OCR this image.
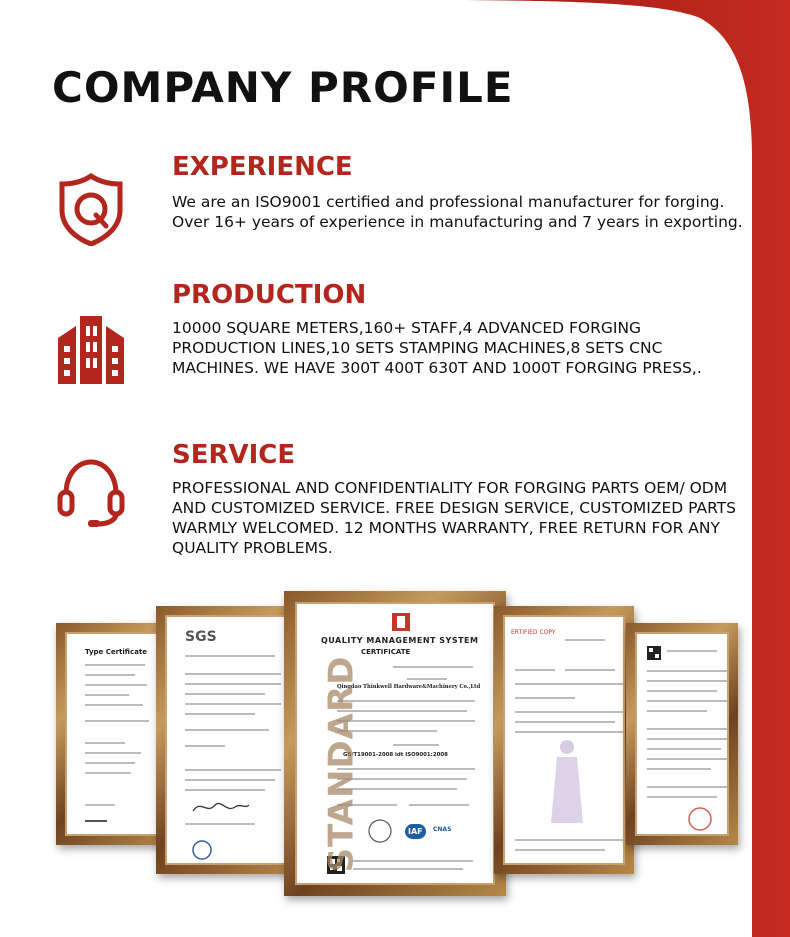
COMPANY PROFILE
EXPERIENCE

We are an ISO9001 certified and professional manufacturer for forging. Over 16+ years of experience in manufacturing and 7 years in exporting.

PRODUCTION

10000 SQUARE METERS,160+ STAFF,4 ADVANCED FORGING PRODUCTION LINES,10 SETS STAMPING MACHINES,8 SETS CNC MACHINES. WE HAVE 300T 400T 630T AND 1000T FORGING PRESS,.

SERVICE

PROFESSIONAL AND CONFIDENTIALITY FOR FORGING PARTS OEM/ ODM AND CUSTOMIZED SERVICE. FREE DESIGN SERVICE, CUSTOMIZED PARTS WARMLY WELCOMED. 12 MONTHS WARRANTY, FREE RETURN FOR ANY QUALITY PROBLEMS.

Type Certificate
SGS	QUALITY MANAGEMENT SYSTEM
CERTIFICATE
Qingdao Thinkwell Hardware&Machinery Co.,Ltd
GB/T19001-2008 idt ISO9001:2008
IAF	CNAS
STANDARD
ERTIFIED COPY
